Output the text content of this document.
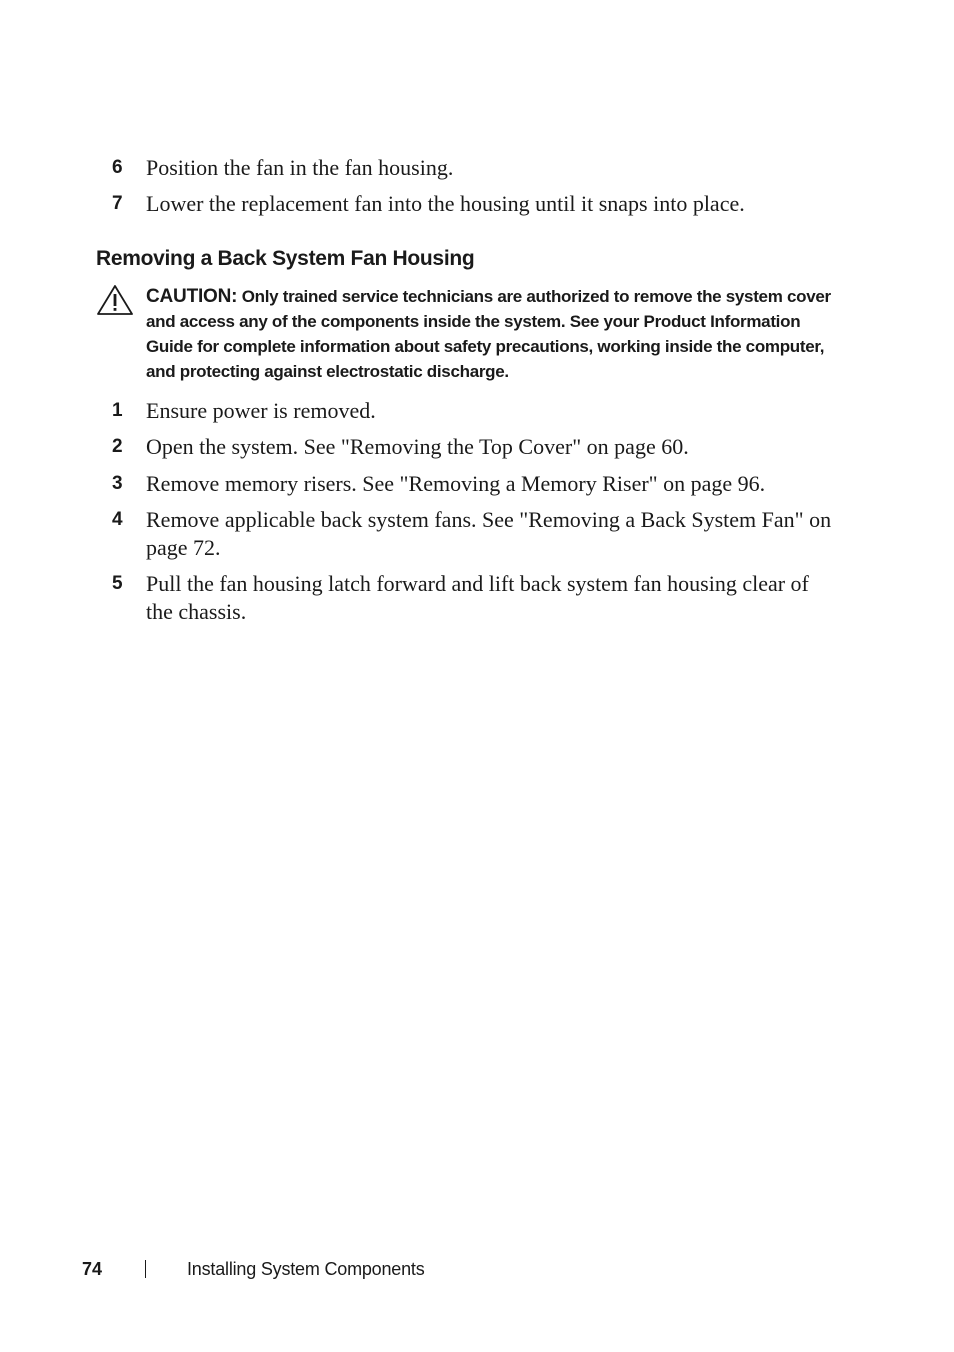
6 Position the fan in the fan housing.
7 Lower the replacement fan into the housing until it snaps into place.
Removing a Back System Fan Housing
CAUTION: Only trained service technicians are authorized to remove the system cover and access any of the components inside the system. See your Product Information Guide for complete information about safety precautions, working inside the computer, and protecting against electrostatic discharge.
1 Ensure power is removed.
2 Open the system. See "Removing the Top Cover" on page 60.
3 Remove memory risers. See "Removing a Memory Riser" on page 96.
4 Remove applicable back system fans. See "Removing a Back System Fan" on page 72.
5 Pull the fan housing latch forward and lift back system fan housing clear of the chassis.
74	Installing System Components
